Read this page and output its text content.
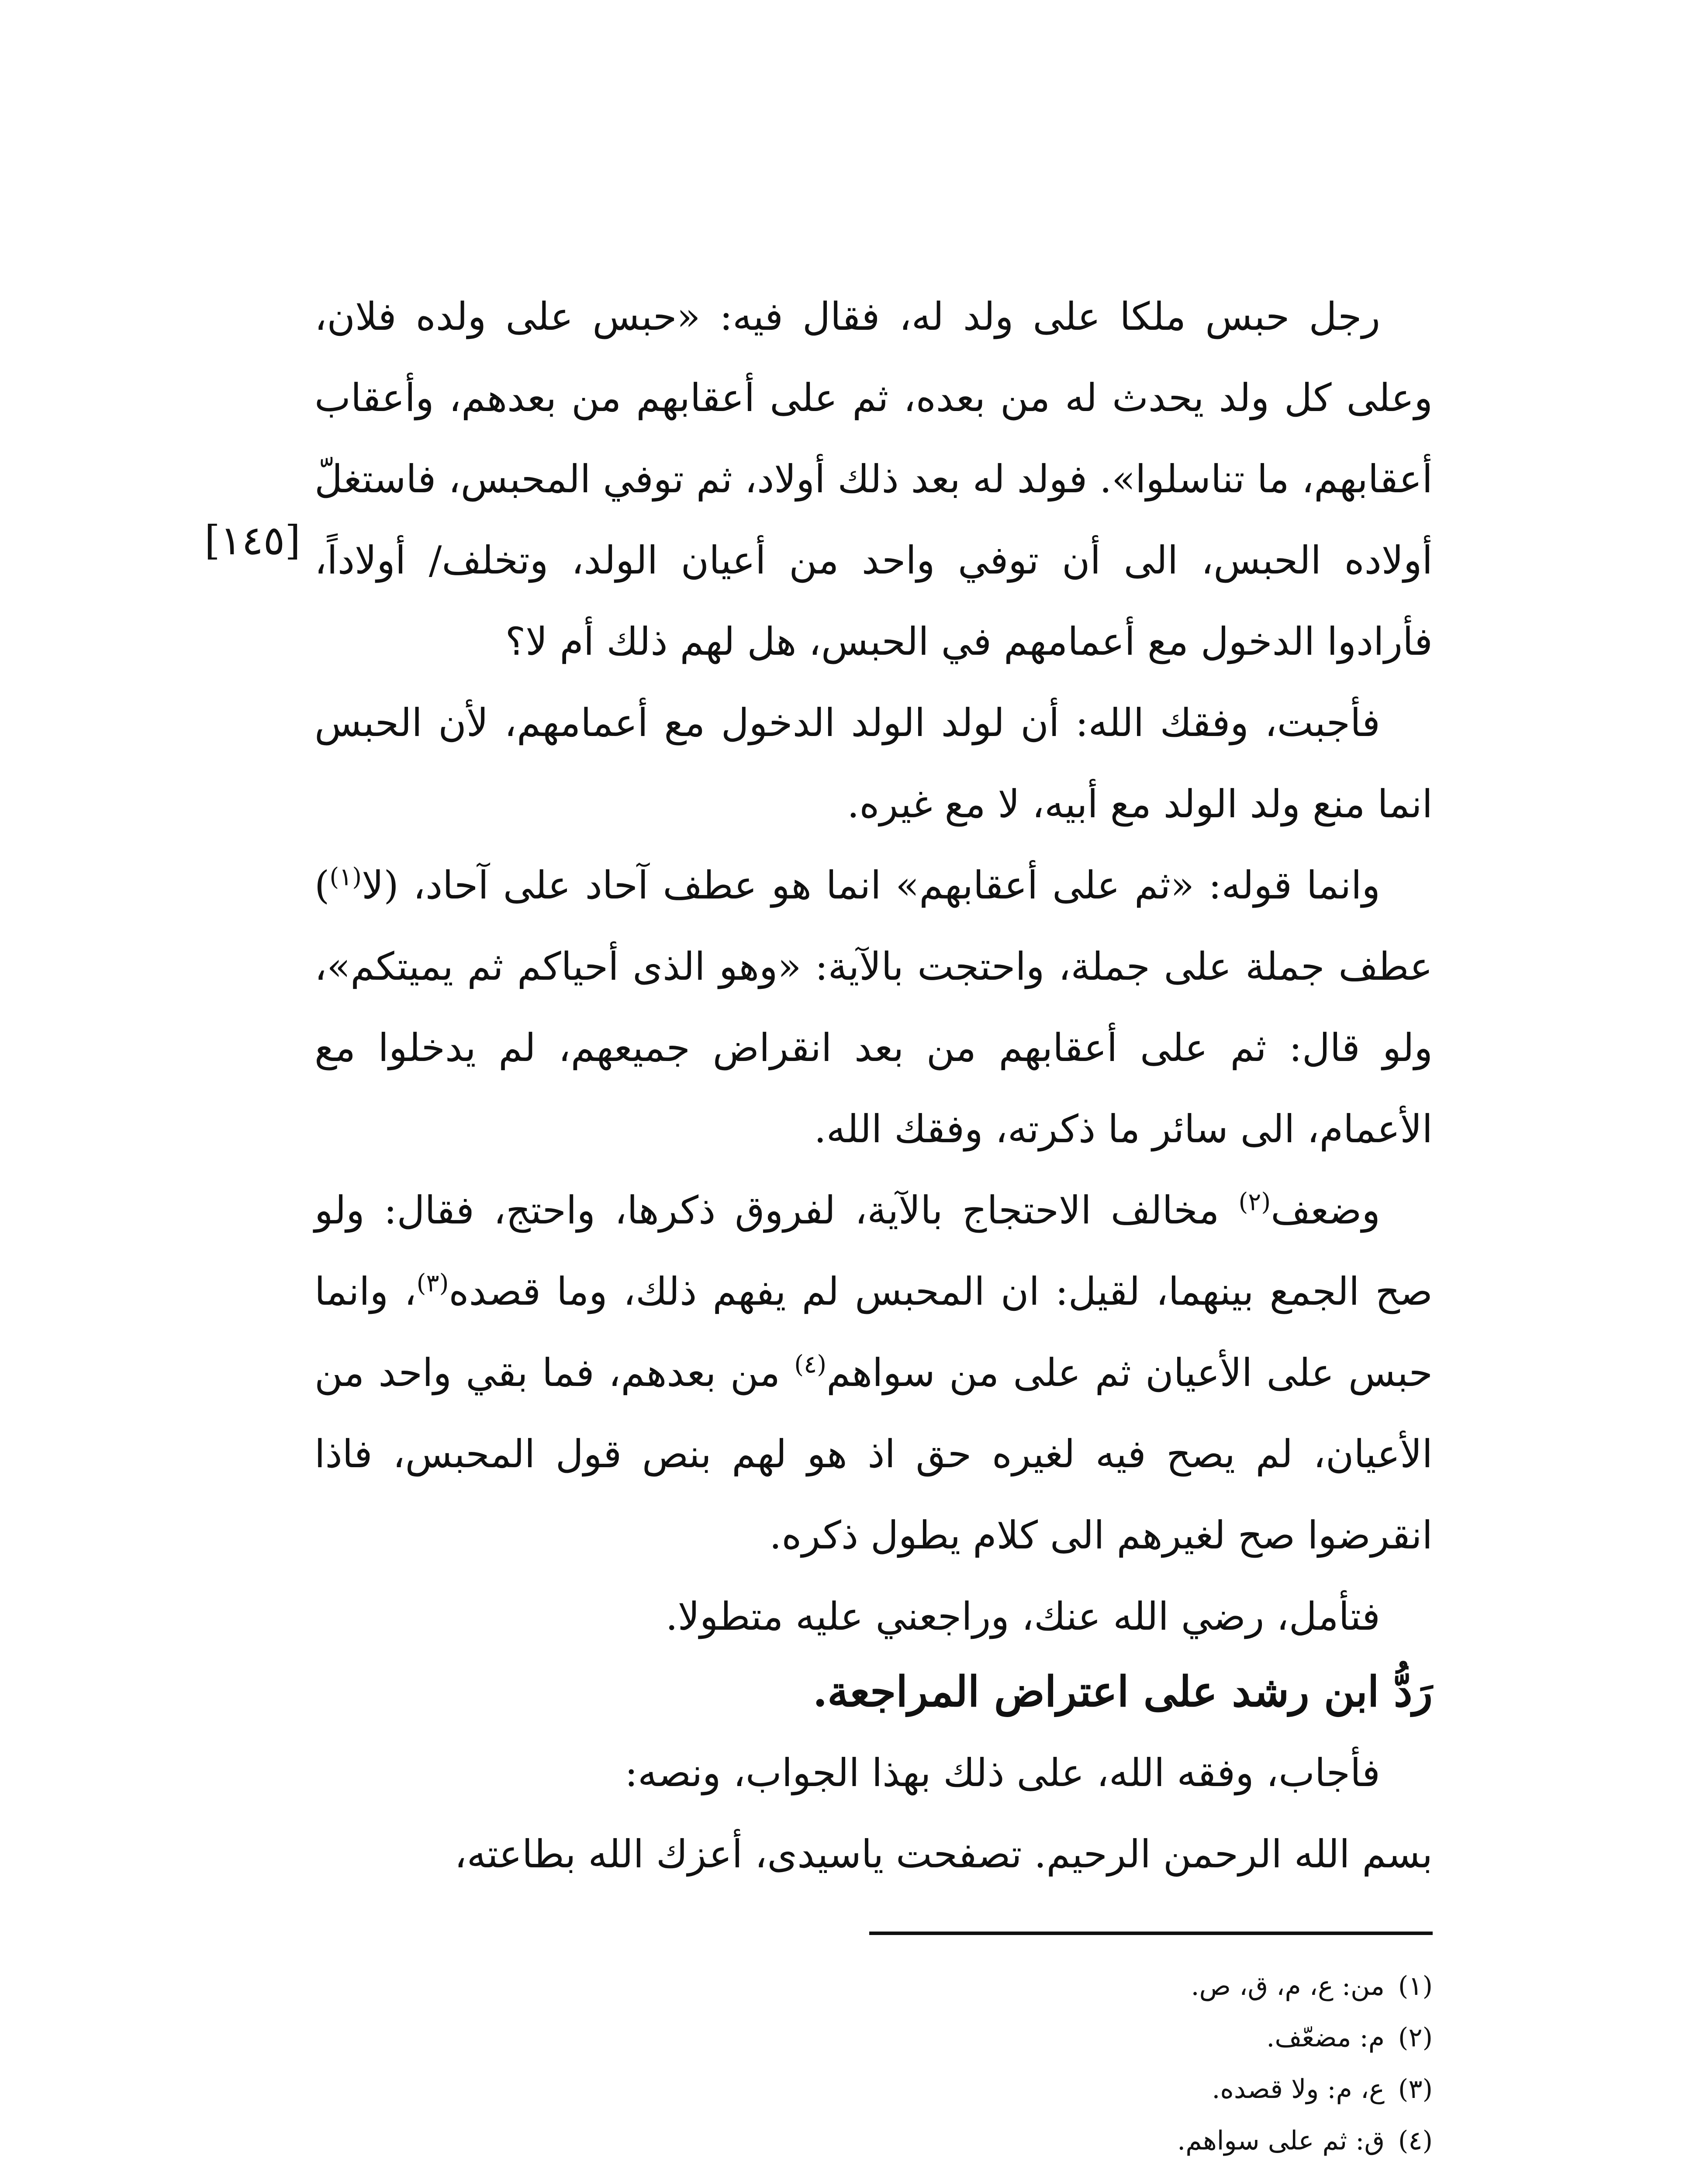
رجل حبس ملكا على ولد له، فقال فيه: «حبس على ولده فلان، وعلى كل ولد يحدث له من بعده، ثم على أعقابهم من بعدهم، وأعقاب أعقابهم، ما تناسلوا». فولد له بعد ذلك أولاد، ثم توفي المحبس، فاستغلّ أولاده الحبس، الى أن توفي واحد من أعيان الولد، وتخلف/ أولاداً، فأرادوا الدخول مع أعمامهم في الحبس، هل لهم ذلك أم لا؟

فأجبت، وفقك الله: أن لولد الولد الدخول مع أعمامهم، لأن الحبس انما منع ولد الولد مع أبيه، لا مع غيره.

وانما قوله: «ثم على أعقابهم» انما هو عطف آحاد على آحاد، (لا$^{(١)}$) عطف جملة على جملة، واحتجت بالآية: «وهو الذى أحياكم ثم يميتكم»، ولو قال: ثم على أعقابهم من بعد انقراض جميعهم، لم يدخلوا مع الأعمام، الى سائر ما ذكرته، وفقك الله.

وضعف$^{(٢)}$ مخالف الاحتجاج بالآية، لفروق ذكرها، واحتج، فقال: ولو صح الجمع بينهما، لقيل: ان المحبس لم يفهم ذلك، وما قصده$^{(٣)}$، وانما حبس على الأعيان ثم على من سواهم$^{(٤)}$ من بعدهم، فما بقي واحد من الأعيان، لم يصح فيه لغيره حق اذ هو لهم بنص قول المحبس، فاذا انقرضوا صح لغيرهم الى كلام يطول ذكره.

فتأمل، رضي الله عنك، وراجعني عليه متطولا.

[١٤٥]
رَدُّ ابن رشد على اعتراض المراجعة.

فأجاب، وفقه الله، على ذلك بهذا الجواب، ونصه:

بسم الله الرحمن الرحيم. تصفحت ياسيدى، أعزك الله بطاعته،

(١)من: ع، م، ق، ص.

(٢)م: مضعّف.

(٣)ع، م: ولا قصده.

(٤)ق: ثم على سواهم.
